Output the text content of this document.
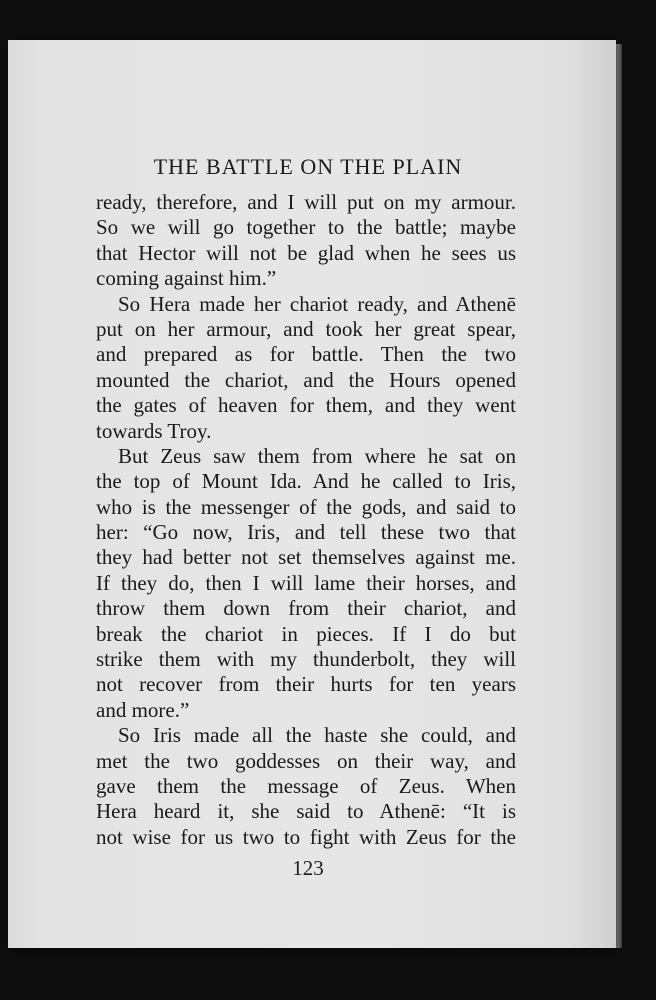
THE BATTLE ON THE PLAIN
ready, therefore, and I will put on my armour.
So we will go together to the battle; maybe
that Hector will not be glad when he sees us
coming against him.”
So Hera made her chariot ready, and Athenē
put on her armour, and took her great spear,
and prepared as for battle. Then the two
mounted the chariot, and the Hours opened
the gates of heaven for them, and they went
towards Troy.
But Zeus saw them from where he sat on
the top of Mount Ida. And he called to Iris,
who is the messenger of the gods, and said to
her: “Go now, Iris, and tell these two that
they had better not set themselves against me.
If they do, then I will lame their horses, and
throw them down from their chariot, and
break the chariot in pieces. If I do but
strike them with my thunderbolt, they will
not recover from their hurts for ten years
and more.”
So Iris made all the haste she could, and
met the two goddesses on their way, and
gave them the message of Zeus. When
Hera heard it, she said to Athenē: “It is
not wise for us two to fight with Zeus for the
123
